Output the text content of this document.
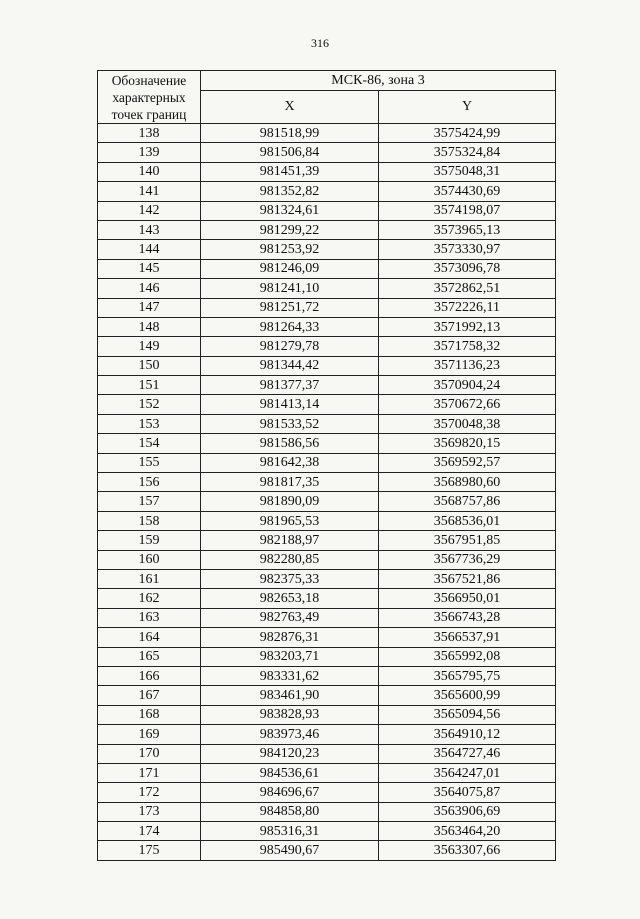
316
Обозначение характерных точек границ	МСК-86, зона 3	
	X	Y
138	981518,99	3575424,99
139	981506,84	3575324,84
140	981451,39	3575048,31
141	981352,82	3574430,69
142	981324,61	3574198,07
143	981299,22	3573965,13
144	981253,92	3573330,97
145	981246,09	3573096,78
146	981241,10	3572862,51
147	981251,72	3572226,11
148	981264,33	3571992,13
149	981279,78	3571758,32
150	981344,42	3571136,23
151	981377,37	3570904,24
152	981413,14	3570672,66
153	981533,52	3570048,38
154	981586,56	3569820,15
155	981642,38	3569592,57
156	981817,35	3568980,60
157	981890,09	3568757,86
158	981965,53	3568536,01
159	982188,97	3567951,85
160	982280,85	3567736,29
161	982375,33	3567521,86
162	982653,18	3566950,01
163	982763,49	3566743,28
164	982876,31	3566537,91
165	983203,71	3565992,08
166	983331,62	3565795,75
167	983461,90	3565600,99
168	983828,93	3565094,56
169	983973,46	3564910,12
170	984120,23	3564727,46
171	984536,61	3564247,01
172	984696,67	3564075,87
173	984858,80	3563906,69
174	985316,31	3563464,20
175	985490,67	3563307,66
